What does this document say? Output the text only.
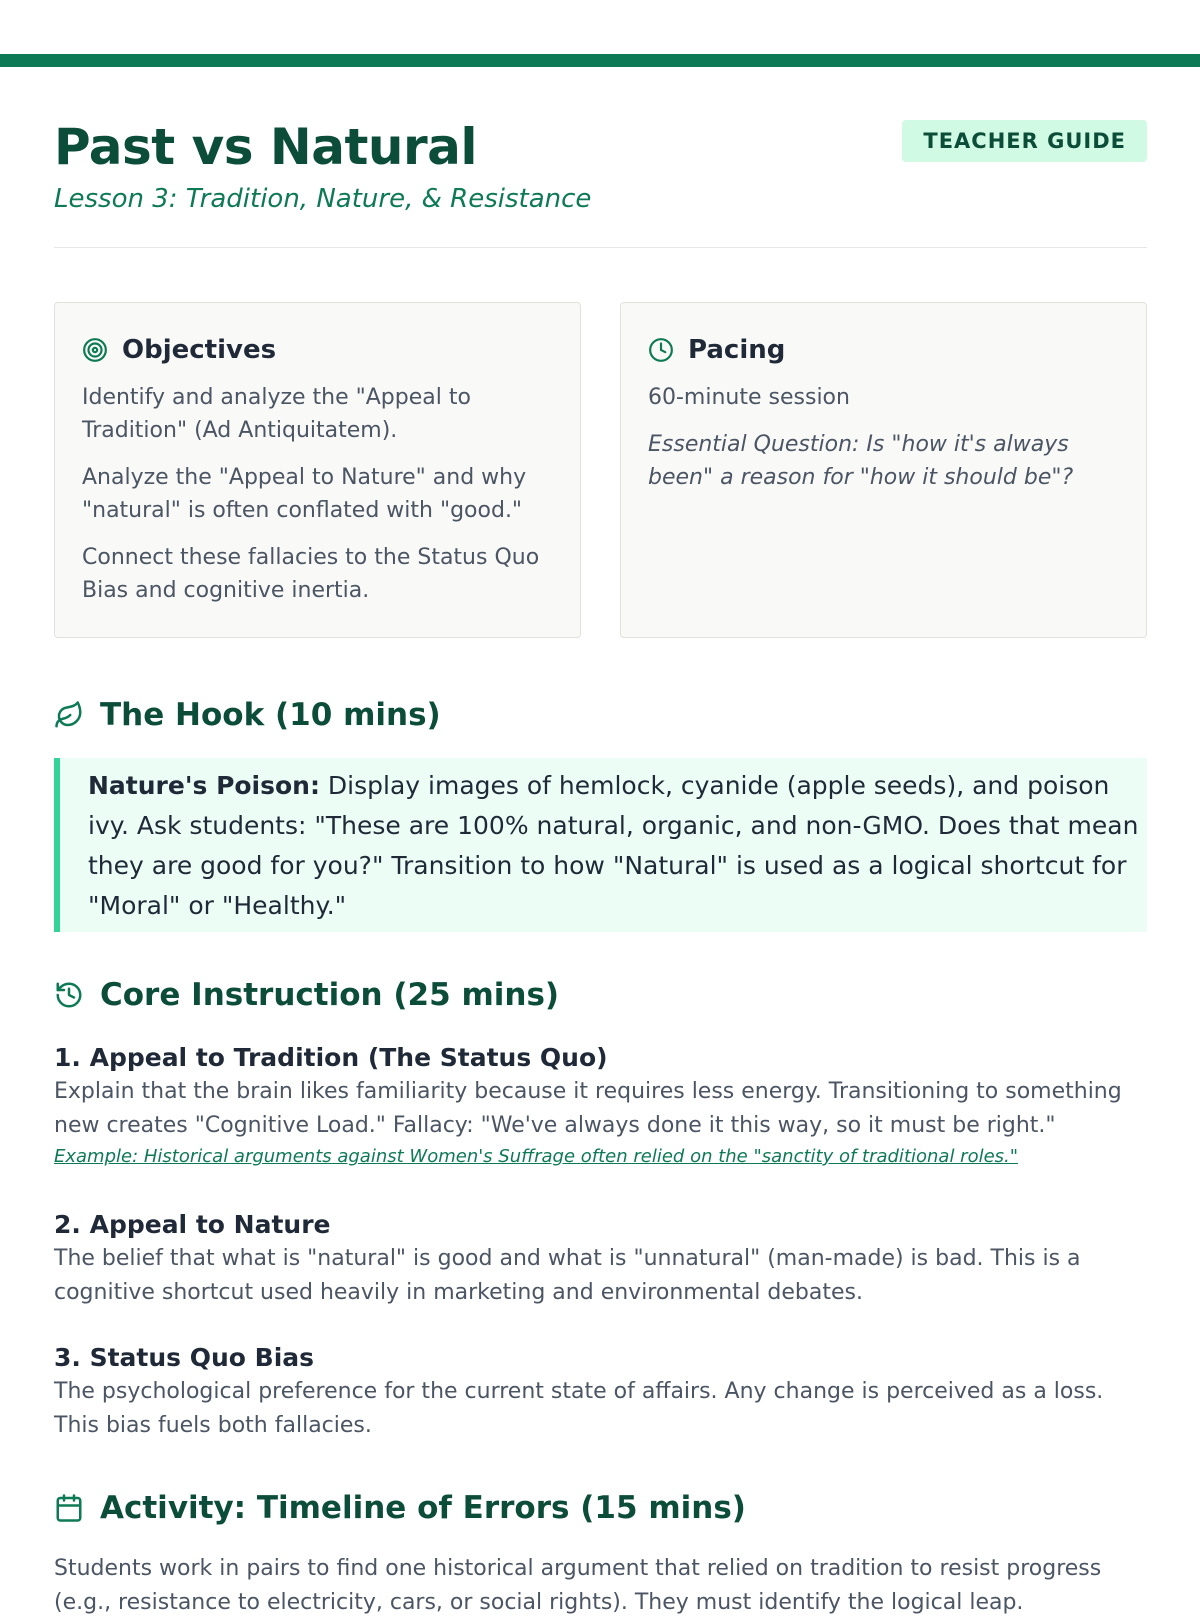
Past vs Natural
Lesson 3: Tradition, Nature, & Resistance
TEACHER GUIDE
Objectives

Identify and analyze the "Appeal to Tradition" (Ad Antiquitatem).

Analyze the "Appeal to Nature" and why "natural" is often conflated with "good."

Connect these fallacies to the Status Quo Bias and cognitive inertia.

Pacing

60-minute session

Essential Question: Is "how it's always been" a reason for "how it should be"?

The Hook (10 mins)
Nature's Poison: Display images of hemlock, cyanide (apple seeds), and poison ivy. Ask students: "These are 100% natural, organic, and non-GMO. Does that mean they are good for you?" Transition to how "Natural" is used as a logical shortcut for "Moral" or "Healthy."
Core Instruction (25 mins)
1. Appeal to Tradition (The Status Quo)

Explain that the brain likes familiarity because it requires less energy. Transitioning to something new creates "Cognitive Load." Fallacy: "We've always done it this way, so it must be right."

Example: Historical arguments against Women's Suffrage often relied on the "sanctity of traditional roles."
2. Appeal to Nature

The belief that what is "natural" is good and what is "unnatural" (man-made) is bad. This is a cognitive shortcut used heavily in marketing and environmental debates.

3. Status Quo Bias

The psychological preference for the current state of affairs. Any change is perceived as a loss. This bias fuels both fallacies.

Activity: Timeline of Errors (15 mins)

Students work in pairs to find one historical argument that relied on tradition to resist progress (e.g., resistance to electricity, cars, or social rights). They must identify the logical leap.
